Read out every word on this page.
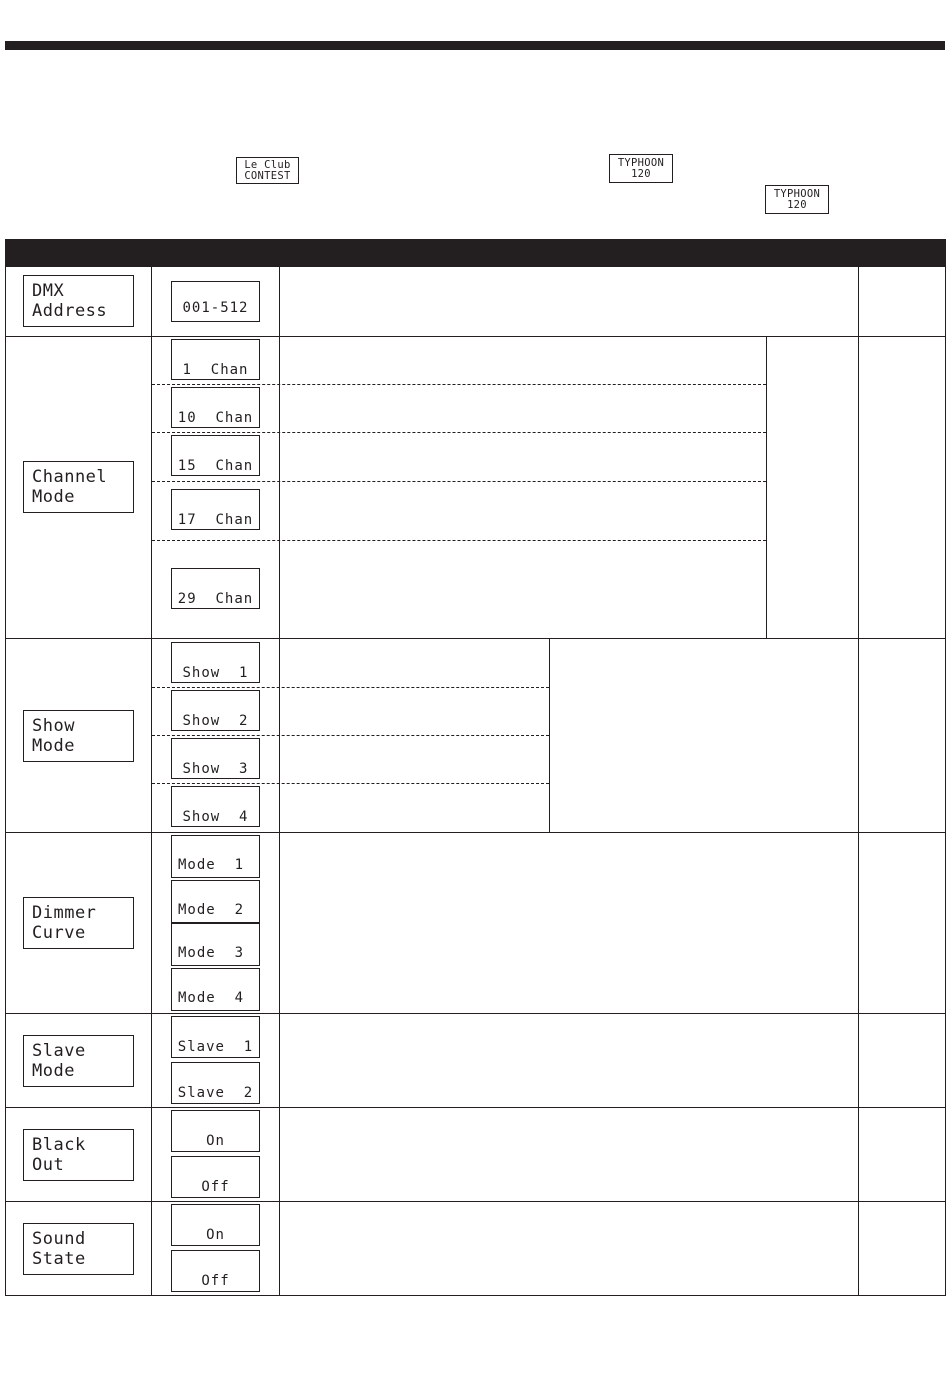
Le Club
CONTEST
TYPHOON
120
TYPHOON
120
DMX
Address	001-512
Channel
Mode
1  Chan
10  Chan
15  Chan
17  Chan
29  Chan
Show
Mode
Show  1
Show  2
Show  3
Show  4
Dimmer
Curve
Mode  1
Mode  2
Mode  3
Mode  4
Slave
Mode
Slave  1
Slave  2
Black
Out
On
Off
Sound
State
On
Off
